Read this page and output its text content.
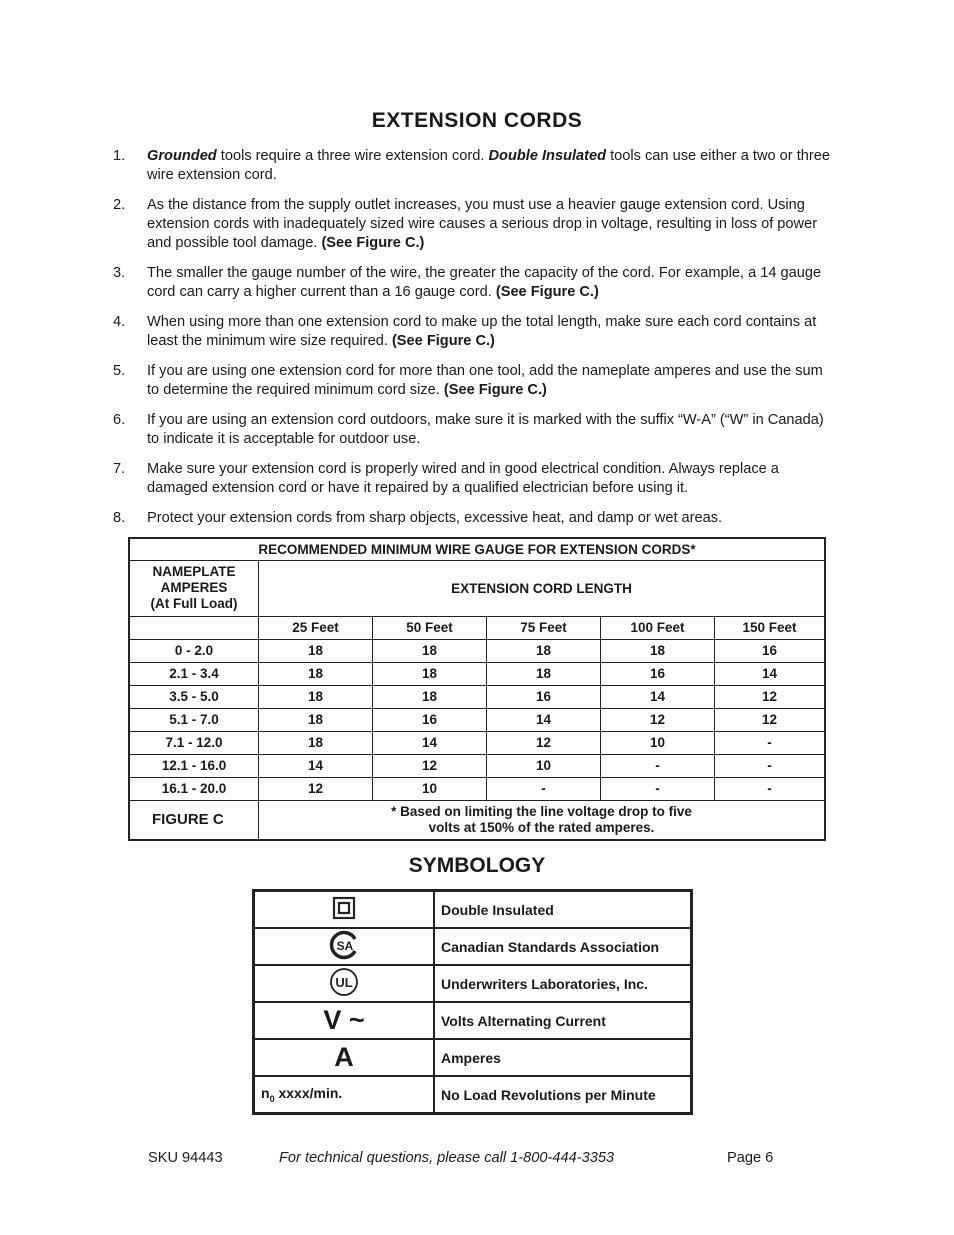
EXTENSION CORDS
1. Grounded tools require a three wire extension cord. Double Insulated tools can use either a two or three wire extension cord.
2. As the distance from the supply outlet increases, you must use a heavier gauge extension cord. Using extension cords with inadequately sized wire causes a serious drop in voltage, resulting in loss of power and possible tool damage. (See Figure C.)
3. The smaller the gauge number of the wire, the greater the capacity of the cord. For example, a 14 gauge cord can carry a higher current than a 16 gauge cord. (See Figure C.)
4. When using more than one extension cord to make up the total length, make sure each cord contains at least the minimum wire size required. (See Figure C.)
5. If you are using one extension cord for more than one tool, add the nameplate amperes and use the sum to determine the required minimum cord size. (See Figure C.)
6. If you are using an extension cord outdoors, make sure it is marked with the suffix “W-A” (“W” in Canada) to indicate it is acceptable for outdoor use.
7. Make sure your extension cord is properly wired and in good electrical condition. Always replace a damaged extension cord or have it repaired by a qualified electrician before using it.
8. Protect your extension cords from sharp objects, excessive heat, and damp or wet areas.
RECOMMENDED MINIMUM WIRE GAUGE FOR EXTENSION CORDS*					

NAMEPLATE
AMPERES
(At Full Load)	EXTENSION CORD LENGTH				
	25 Feet	50 Feet	75 Feet	100 Feet	150 Feet
0 - 2.0	18	18	18	18	16
2.1 - 3.4	18	18	18	16	14
3.5 - 5.0	18	18	16	14	12
5.1 - 7.0	18	16	14	12	12
7.1 - 12.0	18	14	12	10	-
12.1 - 16.0	14	12	10	-	-
16.1 - 20.0	12	10	-	-	-
FIGURE C	* Based on limiting the line voltage drop to five
volts at 150% of the rated amperes.				
SYMBOLOGY
	Double Insulated

SA	Canadian Standards Association

UL	Underwriters Laboratories, Inc.
V ~	Volts Alternating Current
A	Amperes
$n_0$ xxxx/min.	No Load Revolutions per Minute
SKU 94443	For technical questions, please call 1-800-444-3353	Page 6
